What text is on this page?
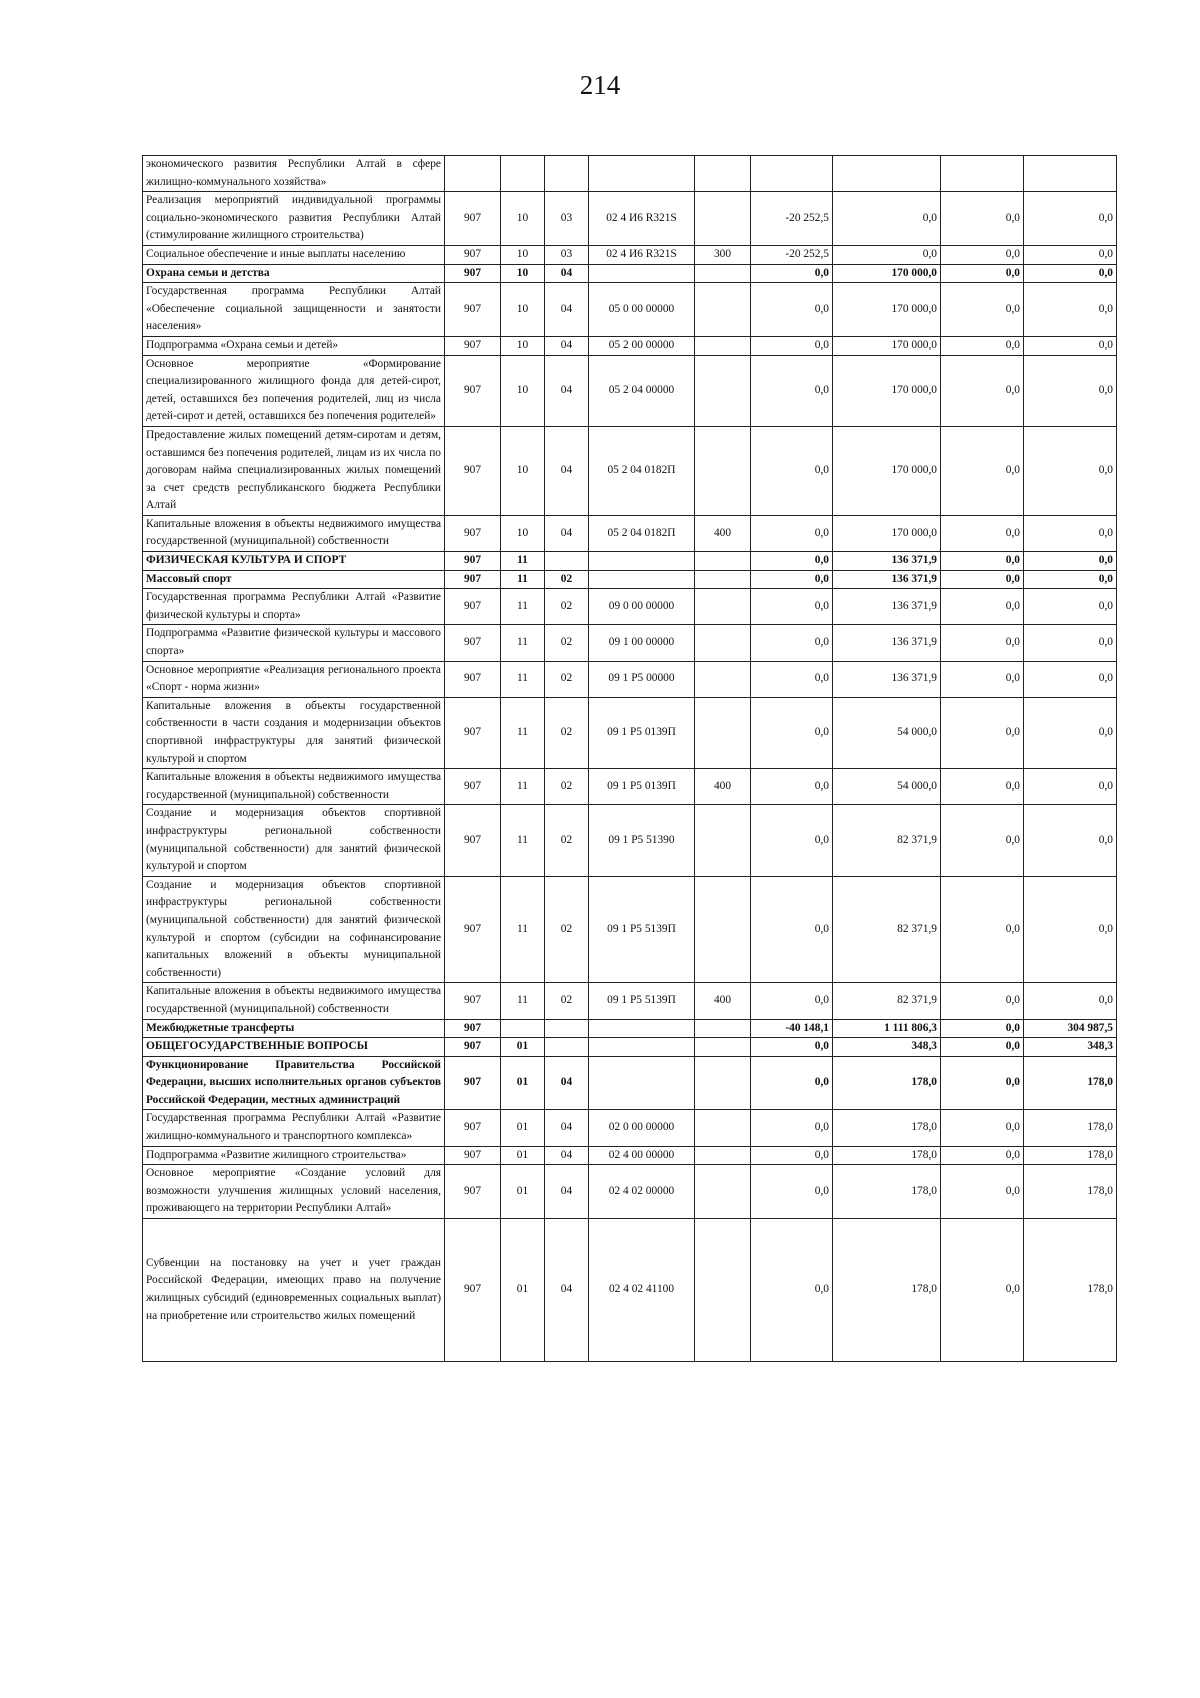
214
экономического развития Республики Алтай в сфере жилищно-коммунального хозяйства»									
Реализация мероприятий индивидуальной программы социально-экономического развития Республики Алтай (стимулирование жилищного строительства)	907	10	03	02 4 И6 R321S		-20 252,5	0,0	0,0	0,0
Социальное обеспечение и иные выплаты населению	907	10	03	02 4 И6 R321S	300	-20 252,5	0,0	0,0	0,0
Охрана семьи и детства	907	10	04			0,0	170 000,0	0,0	0,0
Государственная программа Республики Алтай «Обеспечение социальной защищенности и занятости населения»	907	10	04	05 0 00 00000		0,0	170 000,0	0,0	0,0
Подпрограмма «Охрана семьи и детей»	907	10	04	05 2 00 00000		0,0	170 000,0	0,0	0,0
Основное мероприятие «Формирование специализированного жилищного фонда для детей-сирот, детей, оставшихся без попечения родителей, лиц из числа детей-сирот и детей, оставшихся без попечения родителей»	907	10	04	05 2 04 00000		0,0	170 000,0	0,0	0,0
Предоставление жилых помещений детям-сиротам и детям, оставшимся без попечения родителей, лицам из их числа по договорам найма специализированных жилых помещений за счет средств республиканского бюджета Республики Алтай	907	10	04	05 2 04 0182П		0,0	170 000,0	0,0	0,0
Капитальные вложения в объекты недвижимого имущества государственной (муниципальной) собственности	907	10	04	05 2 04 0182П	400	0,0	170 000,0	0,0	0,0
ФИЗИЧЕСКАЯ КУЛЬТУРА И СПОРТ	907	11				0,0	136 371,9	0,0	0,0
Массовый спорт	907	11	02			0,0	136 371,9	0,0	0,0
Государственная программа Республики Алтай «Развитие физической культуры и спорта»	907	11	02	09 0 00 00000		0,0	136 371,9	0,0	0,0
Подпрограмма «Развитие физической культуры и массового спорта»	907	11	02	09 1 00 00000		0,0	136 371,9	0,0	0,0
Основное мероприятие «Реализация регионального проекта «Спорт - норма жизни»	907	11	02	09 1 P5 00000		0,0	136 371,9	0,0	0,0
Капитальные вложения в объекты государственной собственности в части создания и модернизации объектов спортивной инфраструктуры для занятий физической культурой и спортом	907	11	02	09 1 P5 0139П		0,0	54 000,0	0,0	0,0
Капитальные вложения в объекты недвижимого имущества государственной (муниципальной) собственности	907	11	02	09 1 P5 0139П	400	0,0	54 000,0	0,0	0,0
Создание и модернизация объектов спортивной инфраструктуры региональной собственности (муниципальной собственности) для занятий физической культурой и спортом	907	11	02	09 1 P5 51390		0,0	82 371,9	0,0	0,0
Создание и модернизация объектов спортивной инфраструктуры региональной собственности (муниципальной собственности) для занятий физической культурой и спортом (субсидии на софинансирование капитальных вложений в объекты муниципальной собственности)	907	11	02	09 1 P5 5139П		0,0	82 371,9	0,0	0,0
Капитальные вложения в объекты недвижимого имущества государственной (муниципальной) собственности	907	11	02	09 1 P5 5139П	400	0,0	82 371,9	0,0	0,0
Межбюджетные трансферты	907					-40 148,1	1 111 806,3	0,0	304 987,5
ОБЩЕГОСУДАРСТВЕННЫЕ ВОПРОСЫ	907	01				0,0	348,3	0,0	348,3
Функционирование Правительства Российской Федерации, высших исполнительных органов субъектов Российской Федерации, местных администраций	907	01	04			0,0	178,0	0,0	178,0
Государственная программа Республики Алтай «Развитие жилищно-коммунального и транспортного комплекса»	907	01	04	02 0 00 00000		0,0	178,0	0,0	178,0
Подпрограмма «Развитие жилищного строительства»	907	01	04	02 4 00 00000		0,0	178,0	0,0	178,0
Основное мероприятие «Создание условий для возможности улучшения жилищных условий населения, проживающего на территории Республики Алтай»	907	01	04	02 4 02 00000		0,0	178,0	0,0	178,0
Субвенции на постановку на учет и учет граждан Российской Федерации, имеющих право на получение жилищных субсидий (единовременных социальных выплат) на приобретение или строительство жилых помещений	907	01	04	02 4 02 41100		0,0	178,0	0,0	178,0
